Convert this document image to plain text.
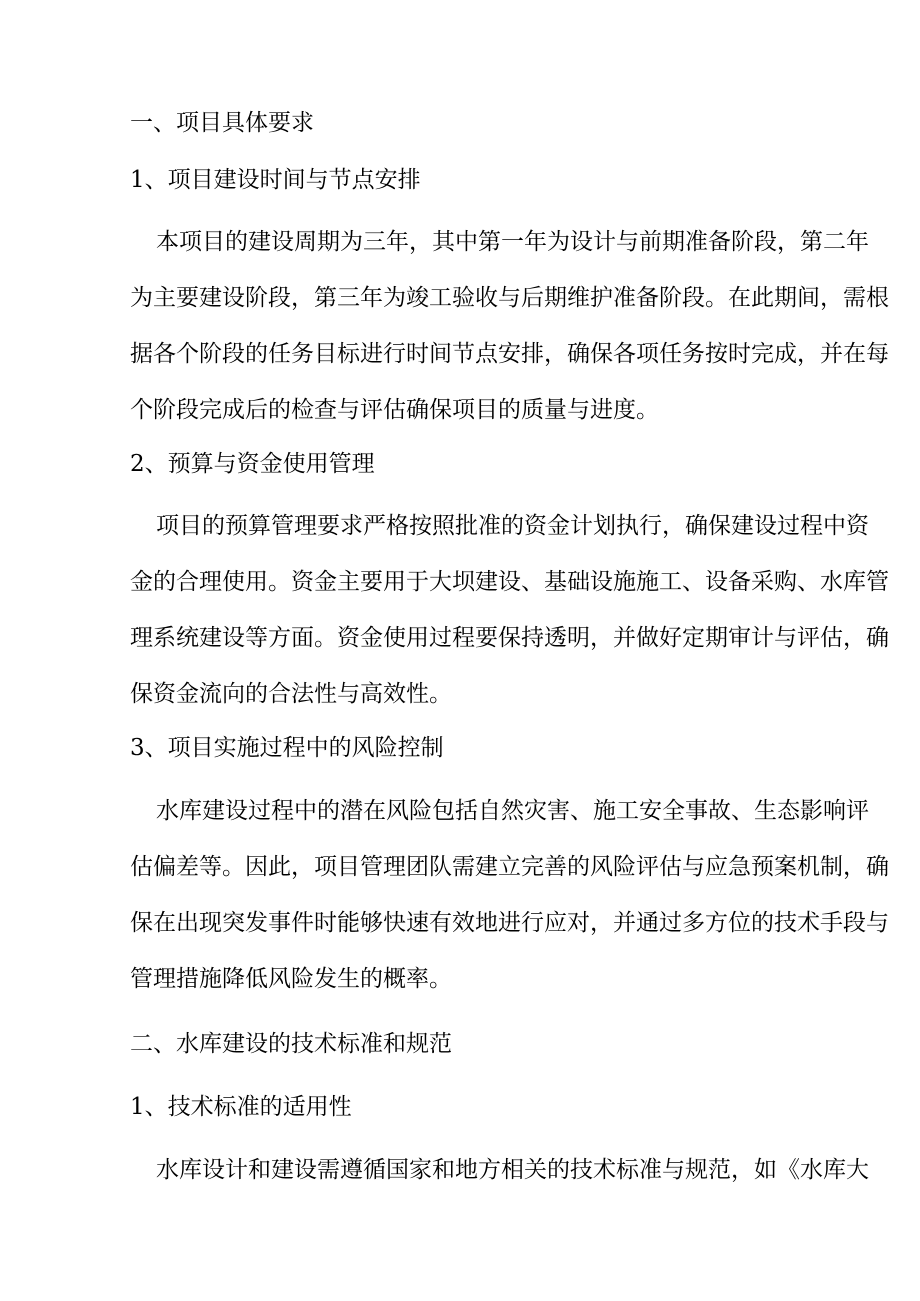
一、项目具体要求

1、项目建设时间与节点安排

本项目的建设周期为三年，其中第一年为设计与前期准备阶段，第二年
为主要建设阶段，第三年为竣工验收与后期维护准备阶段。在此期间，需根
据各个阶段的任务目标进行时间节点安排，确保各项任务按时完成，并在每
个阶段完成后的检查与评估确保项目的质量与进度。

2、预算与资金使用管理

项目的预算管理要求严格按照批准的资金计划执行，确保建设过程中资
金的合理使用。资金主要用于大坝建设、基础设施施工、设备采购、水库管
理系统建设等方面。资金使用过程要保持透明，并做好定期审计与评估，确
保资金流向的合法性与高效性。

3、项目实施过程中的风险控制

水库建设过程中的潜在风险包括自然灾害、施工安全事故、生态影响评
估偏差等。因此，项目管理团队需建立完善的风险评估与应急预案机制，确
保在出现突发事件时能够快速有效地进行应对，并通过多方位的技术手段与
管理措施降低风险发生的概率。

二、水库建设的技术标准和规范

1、技术标准的适用性

水库设计和建设需遵循国家和地方相关的技术标准与规范，如《水库大
